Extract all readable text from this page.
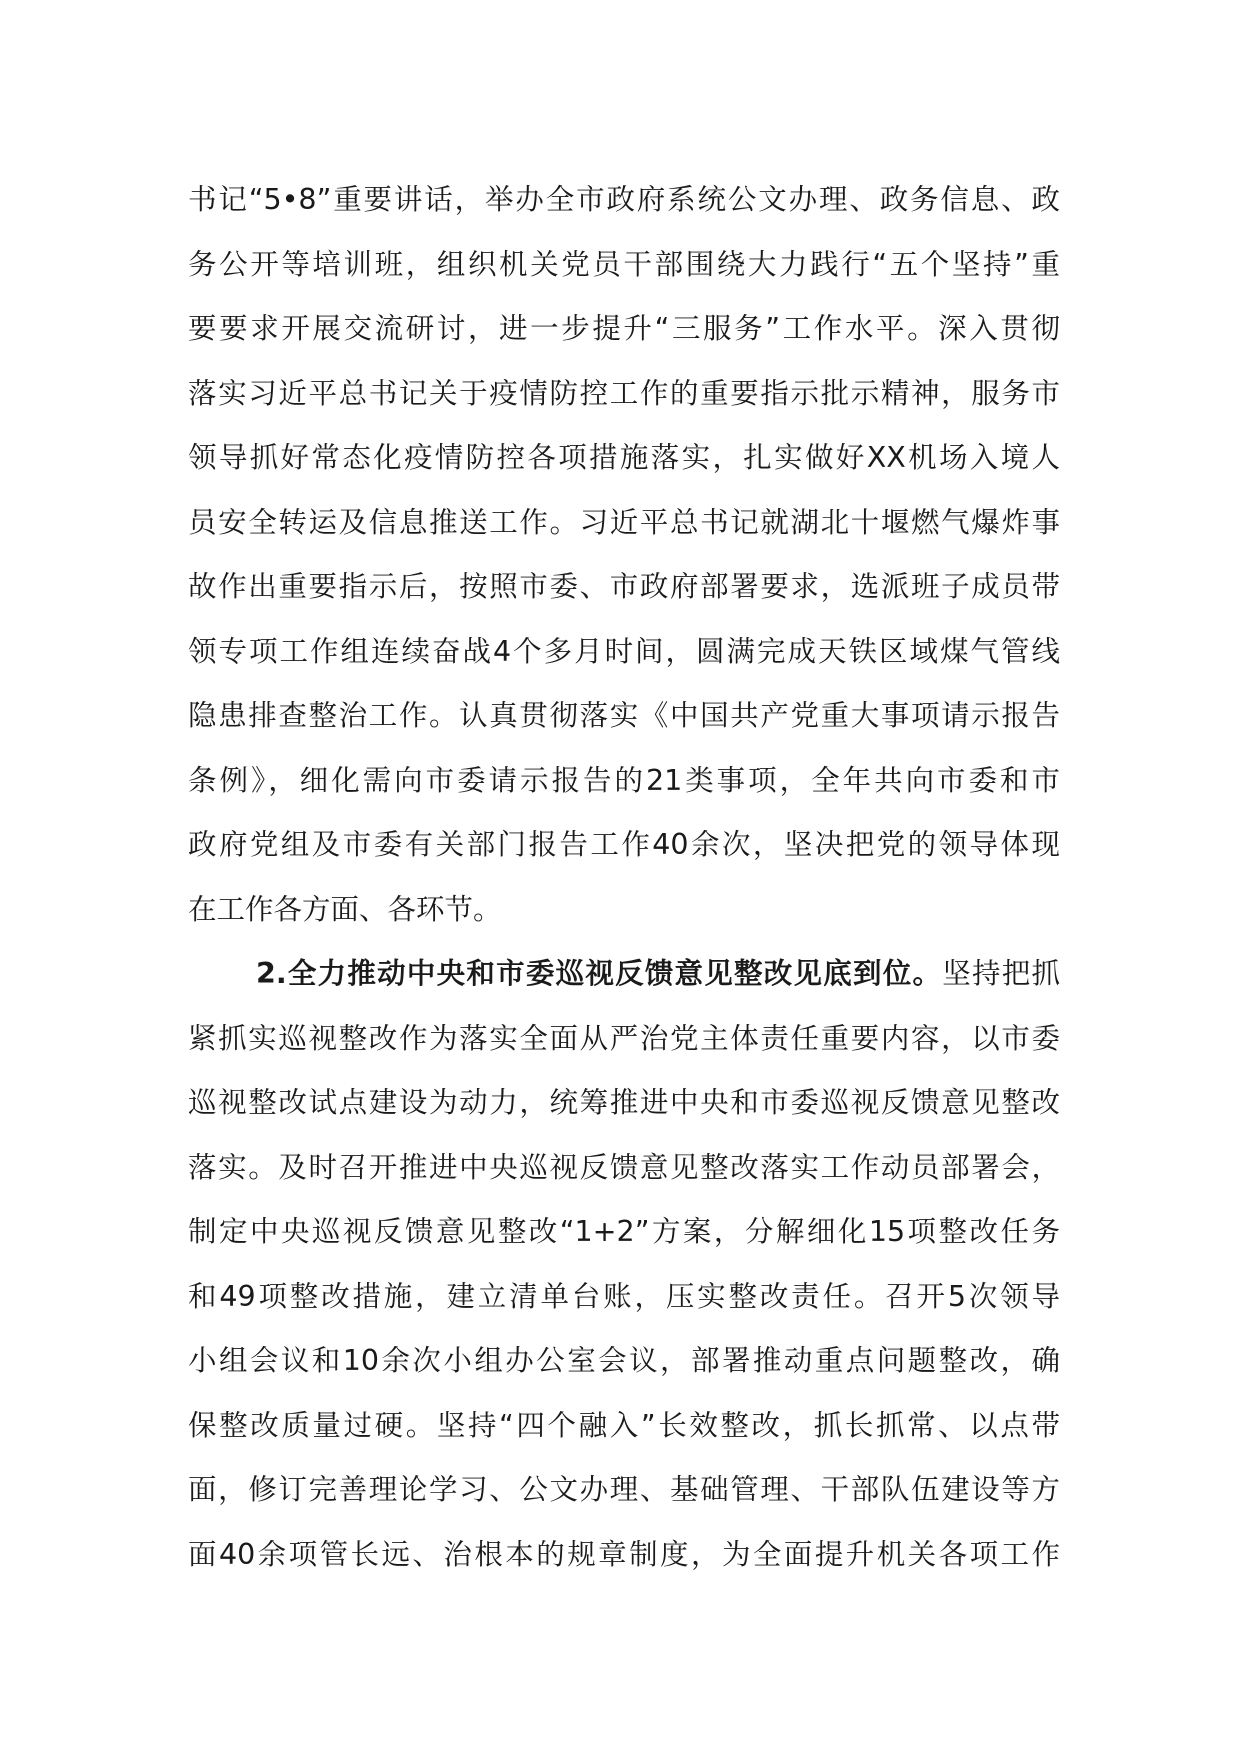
书记“5•8”重要讲话，举办全市政府系统公文办理、政务信息、政
务公开等培训班，组织机关党员干部围绕大力践行“五个坚持”重
要要求开展交流研讨，进一步提升“三服务”工作水平。深入贯彻
落实习近平总书记关于疫情防控工作的重要指示批示精神，服务市
领导抓好常态化疫情防控各项措施落实，扎实做好XX机场入境人
员安全转运及信息推送工作。习近平总书记就湖北十堰燃气爆炸事
故作出重要指示后，按照市委、市政府部署要求，选派班子成员带
领专项工作组连续奋战4个多月时间，圆满完成天铁区域煤气管线
隐患排查整治工作。认真贯彻落实《中国共产党重大事项请示报告
条例》，细化需向市委请示报告的21类事项，全年共向市委和市
政府党组及市委有关部门报告工作40余次，坚决把党的领导体现
在工作各方面、各环节。
2.全力推动中央和市委巡视反馈意见整改见底到位。坚持把抓
紧抓实巡视整改作为落实全面从严治党主体责任重要内容，以市委
巡视整改试点建设为动力，统筹推进中央和市委巡视反馈意见整改
落实。及时召开推进中央巡视反馈意见整改落实工作动员部署会，
制定中央巡视反馈意见整改“1+2”方案，分解细化15项整改任务
和49项整改措施，建立清单台账，压实整改责任。召开5次领导
小组会议和10余次小组办公室会议，部署推动重点问题整改，确
保整改质量过硬。坚持“四个融入”长效整改，抓长抓常、以点带
面，修订完善理论学习、公文办理、基础管理、干部队伍建设等方
面40余项管长远、治根本的规章制度，为全面提升机关各项工作
